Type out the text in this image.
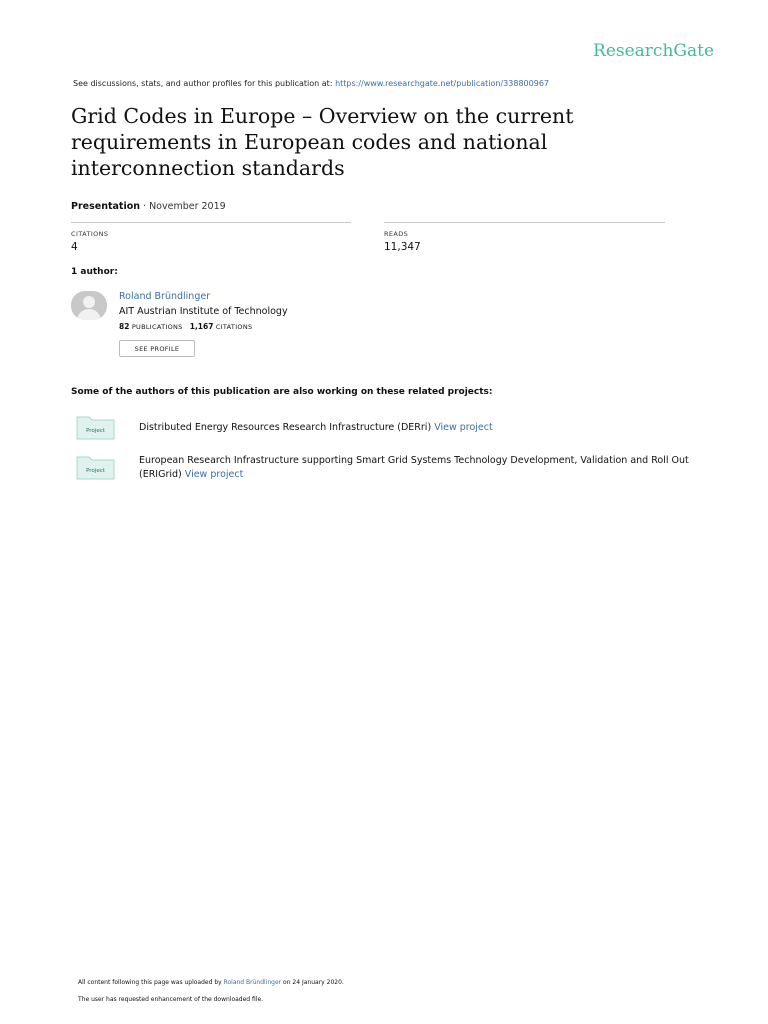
ResearchGate
See discussions, stats, and author profiles for this publication at: https://www.researchgate.net/publication/338800967
Grid Codes in Europe – Overview on the current requirements in European codes and national interconnection standards
Presentation · November 2019
CITATIONS
4
READS
11,347
1 author:
Roland Bründlinger
AIT Austrian Institute of Technology
82 PUBLICATIONS 1,167 CITATIONS
SEE PROFILE
Some of the authors of this publication are also working on these related projects:
Project	Distributed Energy Resources Research Infrastructure (DERri) View project
Project
European Research Infrastructure supporting Smart Grid Systems Technology Development, Validation and Roll Out (ERIGrid) View project
All content following this page was uploaded by Roland Bründlinger on 24 January 2020.
The user has requested enhancement of the downloaded file.
